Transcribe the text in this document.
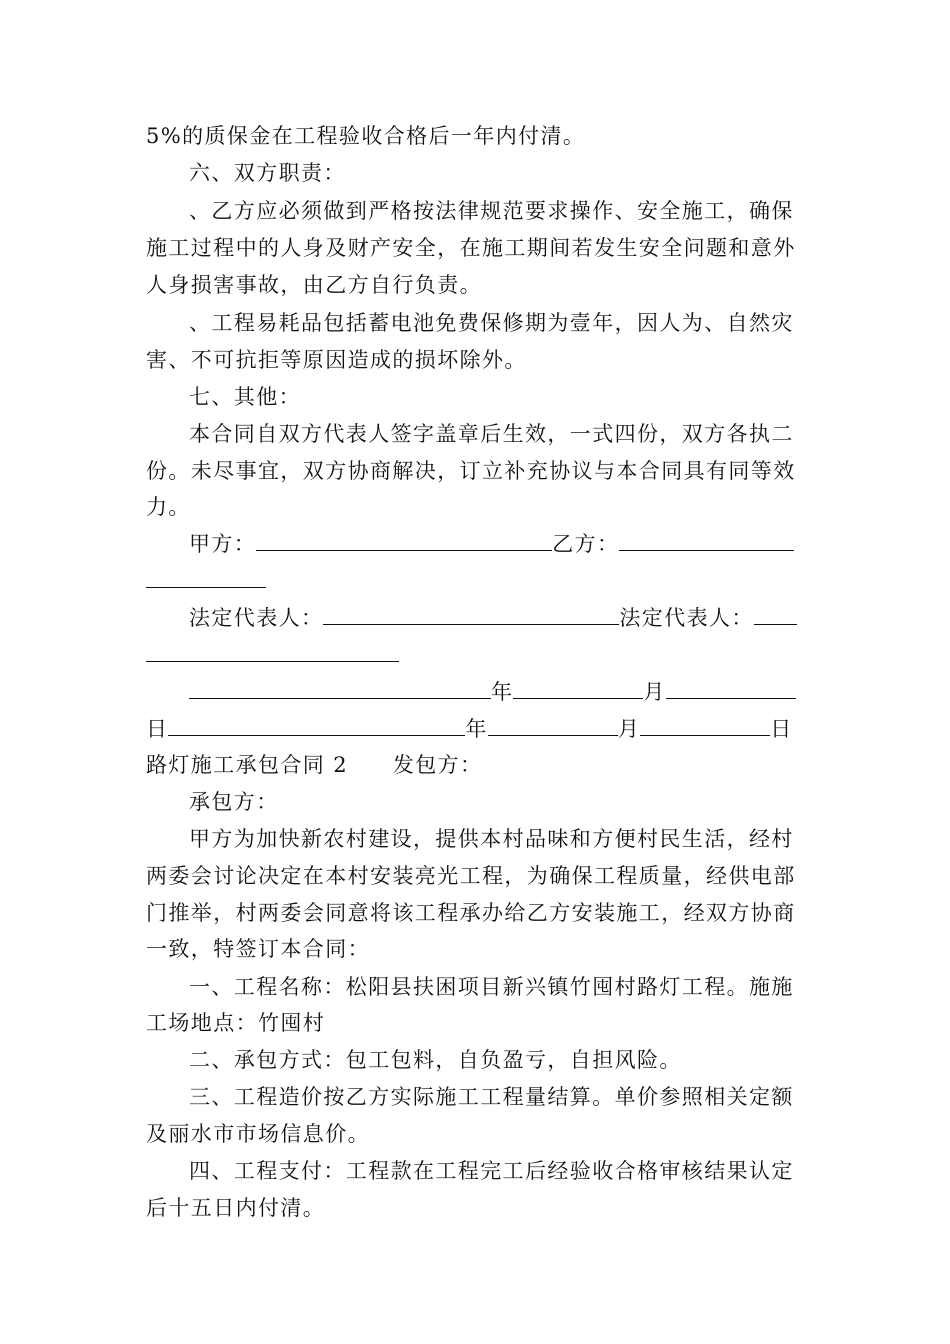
5%的质保金在工程验收合格后一年内付清。
六、双方职责：
、乙方应必须做到严格按法律规范要求操作、安全施工，确保
施工过程中的人身及财产安全，在施工期间若发生安全问题和意外
人身损害事故，由乙方自行负责。
、工程易耗品包括蓄电池免费保修期为壹年，因人为、自然灾
害、不可抗拒等原因造成的损坏除外。
七、其他：
本合同自双方代表人签字盖章后生效，一式四份，双方各执二
份。未尽事宜，双方协商解决，订立补充协议与本合同具有同等效
力。
甲方：	乙方：
法定代表人：	法定代表人：
年	月
日	年	月	日
路灯施工承包合同 2　　发包方：
承包方：
甲方为加快新农村建设，提供本村品味和方便村民生活，经村
两委会讨论决定在本村安装亮光工程，为确保工程质量，经供电部
门推举，村两委会同意将该工程承办给乙方安装施工，经双方协商
一致，特签订本合同：
一、工程名称：松阳县扶困项目新兴镇竹囤村路灯工程。施施
工场地点：竹囤村
二、承包方式：包工包料，自负盈亏，自担风险。
三、工程造价按乙方实际施工工程量结算。单价参照相关定额
及丽水市市场信息价。
四、工程支付：工程款在工程完工后经验收合格审核结果认定
后十五日内付清。
